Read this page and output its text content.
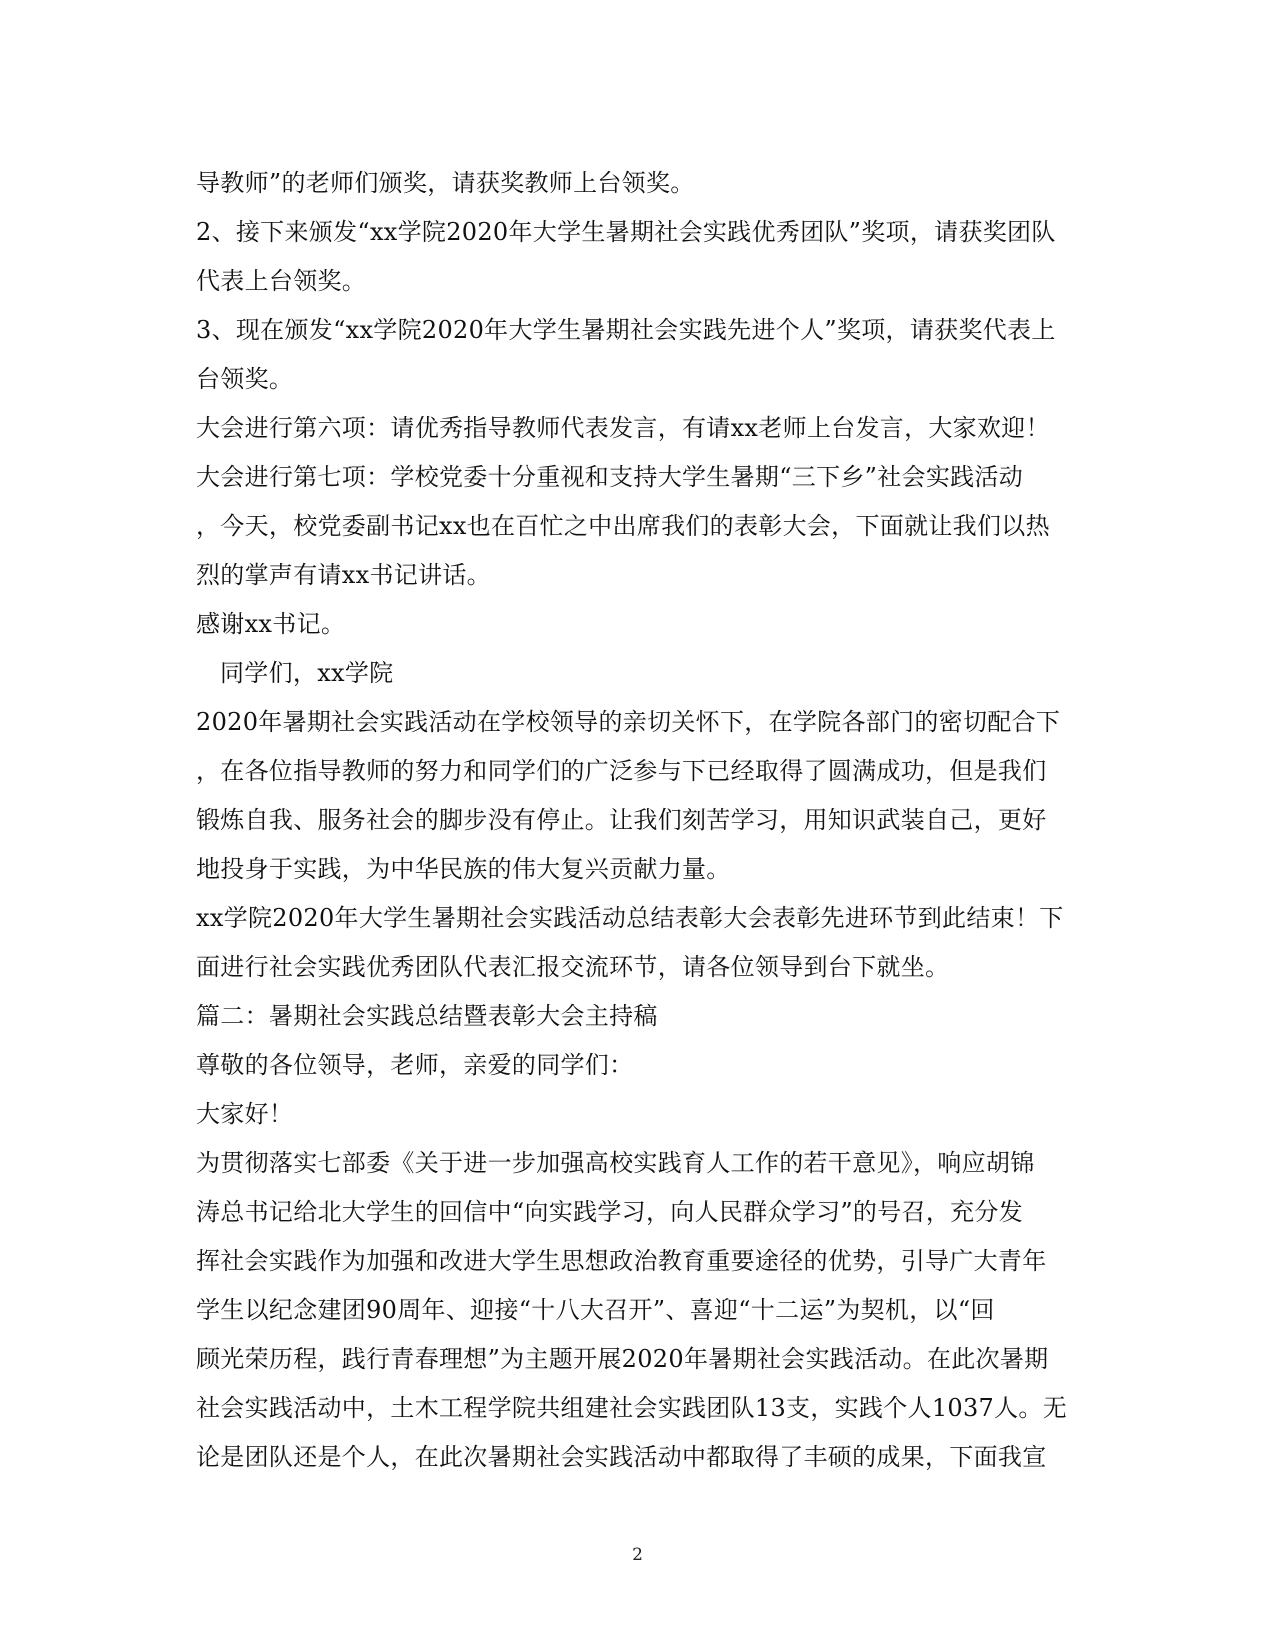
导教师”的老师们颁奖，请获奖教师上台领奖。
2、接下来颁发“xx学院2020年大学生暑期社会实践优秀团队”奖项，请获奖团队
代表上台领奖。
3、现在颁发“xx学院2020年大学生暑期社会实践先进个人”奖项，请获奖代表上
台领奖。
大会进行第六项：请优秀指导教师代表发言，有请xx老师上台发言，大家欢迎！
大会进行第七项：学校党委十分重视和支持大学生暑期“三下乡”社会实践活动
，今天，校党委副书记xx也在百忙之中出席我们的表彰大会，下面就让我们以热
烈的掌声有请xx书记讲话。
感谢xx书记。
同学们，xx学院
2020年暑期社会实践活动在学校领导的亲切关怀下，在学院各部门的密切配合下
，在各位指导教师的努力和同学们的广泛参与下已经取得了圆满成功，但是我们
锻炼自我、服务社会的脚步没有停止。让我们刻苦学习，用知识武装自己，更好
地投身于实践，为中华民族的伟大复兴贡献力量。
xx学院2020年大学生暑期社会实践活动总结表彰大会表彰先进环节到此结束！下
面进行社会实践优秀团队代表汇报交流环节，请各位领导到台下就坐。
篇二：暑期社会实践总结暨表彰大会主持稿
尊敬的各位领导，老师，亲爱的同学们：
大家好！
为贯彻落实七部委《关于进一步加强高校实践育人工作的若干意见》，响应胡锦
涛总书记给北大学生的回信中“向实践学习，向人民群众学习”的号召，充分发
挥社会实践作为加强和改进大学生思想政治教育重要途径的优势，引导广大青年
学生以纪念建团90周年、迎接“十八大召开”、喜迎“十二运”为契机，以“回
顾光荣历程，践行青春理想”为主题开展2020年暑期社会实践活动。在此次暑期
社会实践活动中，土木工程学院共组建社会实践团队13支，实践个人1037人。无
论是团队还是个人，在此次暑期社会实践活动中都取得了丰硕的成果，下面我宣
2
